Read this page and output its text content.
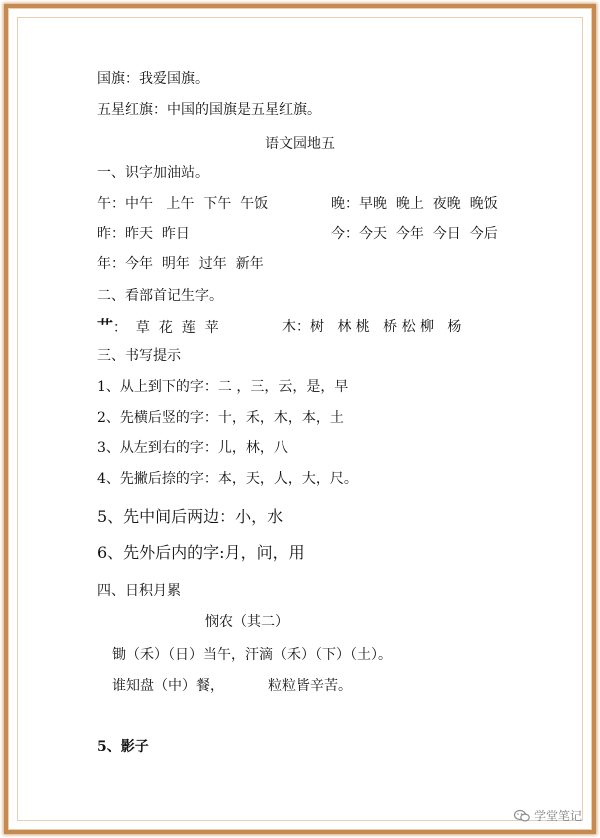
国旗：我爱国旗。
五星红旗：中国的国旗是五星红旗。
语文园地五
一、识字加油站。
午：中午   上午  下午  午饭	晚：早晚  晚上  夜晚  晚饭
昨：昨天  昨日	今：今天  今年  今日  今后
年：今年  明年  过年  新年
二、看部首记生字。
艹：  草  花  莲  苹	木：树   林 桃   桥 松 柳   杨
三、书写提示
1、从上到下的字：二 ，三，云，是，早
2、先横后竖的字：十，禾，木，本，土
3、从左到右的字：儿，林，八
4、先撇后捺的字：本，天，人，大，尺。
5、先中间后两边：小，水
6、先外后内的字:月，问，用
四、日积月累
悯农（其二）
锄（禾）（日）当午，汗滴（禾）（下）（土）。
谁知盘（中）餐，	粒粒皆辛苦。
5、影子
学堂笔记
